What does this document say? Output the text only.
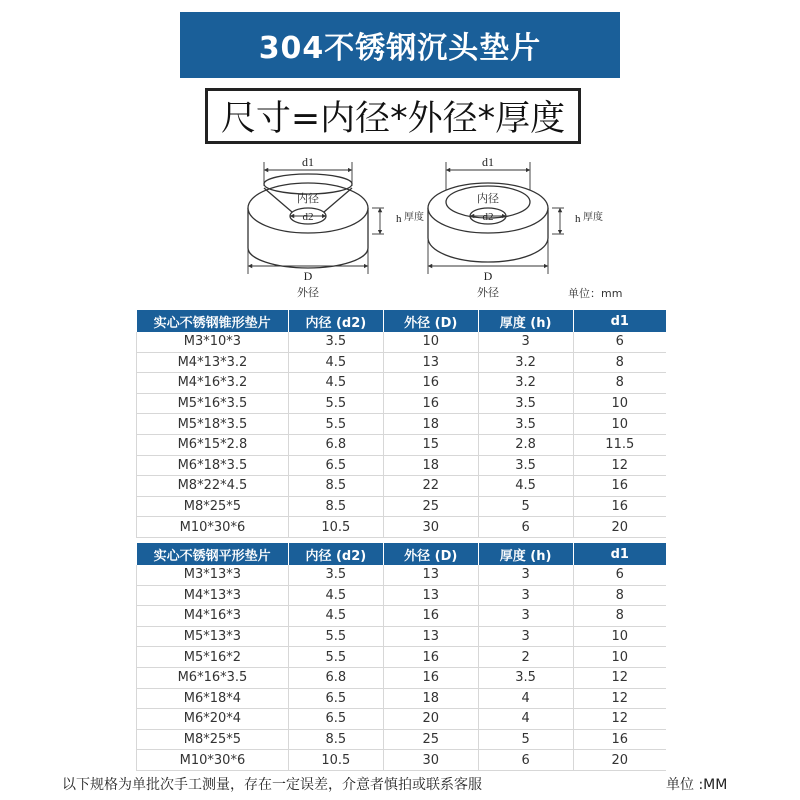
304不锈钢沉头垫片
尺寸=内径*外径*厚度
d1
内径
d2	h 厚度
D
外径
d1
内径
d2	h 厚度
D
外径	单位：mm
实心不锈钢锥形垫片	内径 (d2)	外径 (D)	厚度 (h)	d1
M3*10*3	3.5	10	3	6
M4*13*3.2	4.5	13	3.2	8
M4*16*3.2	4.5	16	3.2	8
M5*16*3.5	5.5	16	3.5	10
M5*18*3.5	5.5	18	3.5	10
M6*15*2.8	6.8	15	2.8	11.5
M6*18*3.5	6.5	18	3.5	12
M8*22*4.5	8.5	22	4.5	16
M8*25*5	8.5	25	5	16
M10*30*6	10.5	30	6	20
实心不锈钢平形垫片	内径 (d2)	外径 (D)	厚度 (h)	d1
M3*13*3	3.5	13	3	6
M4*13*3	4.5	13	3	8
M4*16*3	4.5	16	3	8
M5*13*3	5.5	13	3	10
M5*16*2	5.5	16	2	10
M6*16*3.5	6.8	16	3.5	12
M6*18*4	6.5	18	4	12
M6*20*4	6.5	20	4	12
M8*25*5	8.5	25	5	16
M10*30*6	10.5	30	6	20
以下规格为单批次手工测量，存在一定误差，介意者慎拍或联系客服	单位 :MM
